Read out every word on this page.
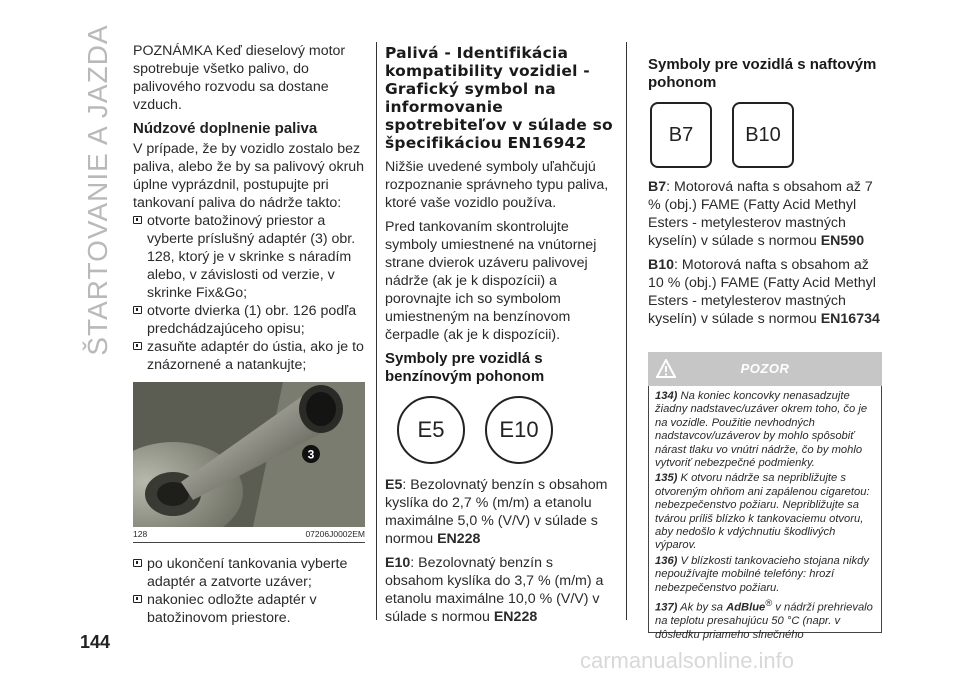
ŠTARTOVANIE A JAZDA POZNÁMKA Keď dieselový motor spotrebuje všetko palivo, do palivového rozvodu sa dostane vzduch.

Núdzové doplnenie paliva

V prípade, že by vozidlo zostalo bez paliva, alebo že by sa palivový okruh úplne vyprázdnil, postupujte pri tankovaní paliva do nádrže takto:

otvorte batožinový priestor a vyberte príslušný adaptér (3) obr. 128, ktorý je v skrinke s náradím alebo, v závislosti od verzie, v skrinke Fix&Go;
otvorte dvierka (1) obr. 126 podľa predchádzajúceho opisu;
zasuňte adaptér do ústia, ako je to znázornené a natankujte;
3
128	07206J0002EM
po ukončení tankovania vyberte adaptér a zatvorte uzáver;
nakoniec odložte adaptér v batožinovom priestore.
Palivá - Identifikácia kompatibility vozidiel - Grafický symbol na informovanie spotrebiteľov v súlade so špecifikáciou EN16942

Nižšie uvedené symboly uľahčujú rozpoznanie správneho typu paliva, ktoré vaše vozidlo používa.

Pred tankovaním skontrolujte symboly umiestnené na vnútornej strane dvierok uzáveru palivovej nádrže (ak je k dispozícii) a porovnajte ich so symbolom umiestneným na benzínovom čerpadle (ak je k dispozícii).

Symboly pre vozidlá s benzínovým pohonom
E5	E10

E5: Bezolovnatý benzín s obsahom kyslíka do 2,7 % (m/m) a etanolu maximálne 5,0 % (V/V) v súlade s normou EN228

E10: Bezolovnatý benzín s obsahom kyslíka do 3,7 % (m/m) a etanolu maximálne 10,0 % (V/V) v súlade s normou EN228

Symboly pre vozidlá s naftovým pohonom
B7	B10

B7: Motorová nafta s obsahom až 7 % (obj.) FAME (Fatty Acid Methyl Esters - metylesterov mastných kyselín) v súlade s normou EN590

B10: Motorová nafta s obsahom až 10 % (obj.) FAME (Fatty Acid Methyl Esters - metylesterov mastných kyselín) v súlade s normou EN16734

POZOR

134) Na koniec koncovky nenasadzujte žiadny nadstavec/uzáver okrem toho, čo je na vozidle. Použitie nevhodných nadstavcov/uzáverov by mohlo spôsobiť nárast tlaku vo vnútri nádrže, čo by mohlo vytvoriť nebezpečné podmienky.

135) K otvoru nádrže sa nepribližujte s otvoreným ohňom ani zapálenou cigaretou: nebezpečenstvo požiaru. Nepribližujte sa tvárou príliš blízko k tankovaciemu otvoru, aby nedošlo k vdýchnutiu škodlivých výparov.

136) V blízkosti tankovacieho stojana nikdy nepoužívajte mobilné telefóny: hrozí nebezpečenstvo požiaru.

137) Ak by sa AdBlue® v nádrži prehrievalo na teplotu presahujúcu 50 °C (napr. v dôsledku priameho slnečného

144
carmanualsonline.info
